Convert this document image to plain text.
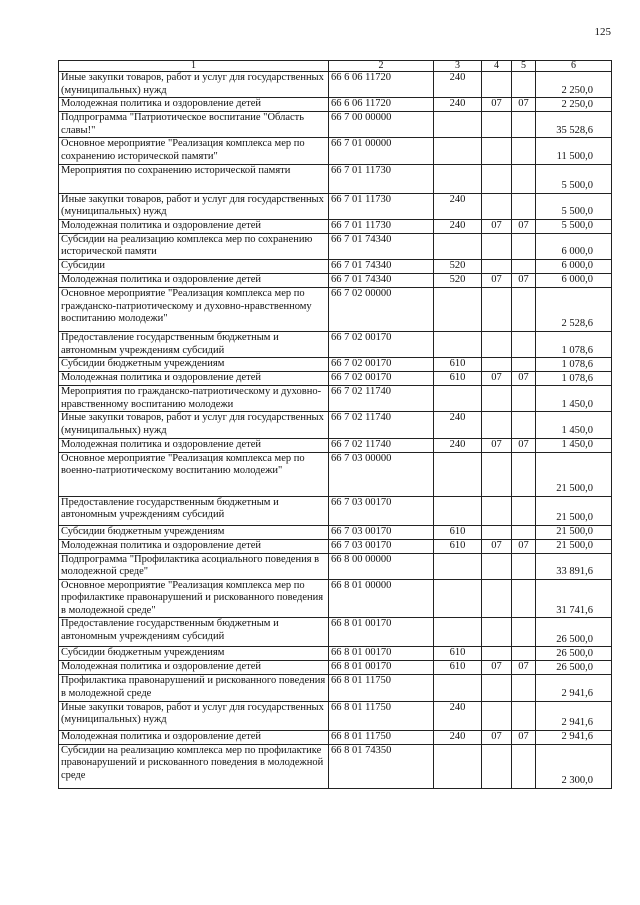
125
1	2	3	4	5	6
Иные закупки товаров, работ и услуг для государственных (муниципальных) нужд	66 6 06 11720	240			2 250,0
Молодежная политика и оздоровление детей	66 6 06 11720	240	07	07	2 250,0
Подпрограмма "Патриотическое воспитание "Область славы!"	66 7 00 00000				35 528,6
Основное мероприятие "Реализация комплекса мер по сохранению исторической памяти"	66 7 01 00000				11 500,0
Мероприятия по сохранению исторической памяти	66 7 01 11730				5 500,0
Иные закупки товаров, работ и услуг для государственных (муниципальных) нужд	66 7 01 11730	240			5 500,0
Молодежная политика и оздоровление детей	66 7 01 11730	240	07	07	5 500,0
Субсидии на реализацию комплекса мер по сохранению исторической памяти	66 7 01 74340				6 000,0
Субсидии	66 7 01 74340	520			6 000,0
Молодежная политика и оздоровление детей	66 7 01 74340	520	07	07	6 000,0
Основное мероприятие "Реализация комплекса мер по гражданско-патриотическому и духовно-нравственному воспитанию молодежи"	66 7 02 00000				2 528,6
Предоставление государственным бюджетным и автономным учреждениям субсидий	66 7 02 00170				1 078,6
Субсидии бюджетным учреждениям	66 7 02 00170	610			1 078,6
Молодежная политика и оздоровление детей	66 7 02 00170	610	07	07	1 078,6
Мероприятия по гражданско-патриотическому и духовно-нравственному воспитанию молодежи	66 7 02 11740				1 450,0
Иные закупки товаров, работ и услуг для государственных (муниципальных) нужд	66 7 02 11740	240			1 450,0
Молодежная политика и оздоровление детей	66 7 02 11740	240	07	07	1 450,0
Основное мероприятие "Реализация комплекса мер по военно-патриотическому воспитанию молодежи"	66 7 03 00000				21 500,0
Предоставление государственным бюджетным и автономным учреждениям субсидий	66 7 03 00170				21 500,0
Субсидии бюджетным учреждениям	66 7 03 00170	610			21 500,0
Молодежная политика и оздоровление детей	66 7 03 00170	610	07	07	21 500,0
Подпрограмма "Профилактика асоциального поведения в молодежной среде"	66 8 00 00000				33 891,6
Основное мероприятие "Реализация комплекса мер по профилактике правонарушений и рискованного поведения в молодежной среде"	66 8 01 00000				31 741,6
Предоставление государственным бюджетным и автономным учреждениям субсидий	66 8 01 00170				26 500,0
Субсидии бюджетным учреждениям	66 8 01 00170	610			26 500,0
Молодежная политика и оздоровление детей	66 8 01 00170	610	07	07	26 500,0
Профилактика правонарушений и рискованного поведения в молодежной среде	66 8 01 11750				2 941,6
Иные закупки товаров, работ и услуг для государственных (муниципальных) нужд	66 8 01 11750	240			2 941,6
Молодежная политика и оздоровление детей	66 8 01 11750	240	07	07	2 941,6
Субсидии на реализацию комплекса мер по профилактике правонарушений и рискованного поведения в молодежной среде	66 8 01 74350				2 300,0
